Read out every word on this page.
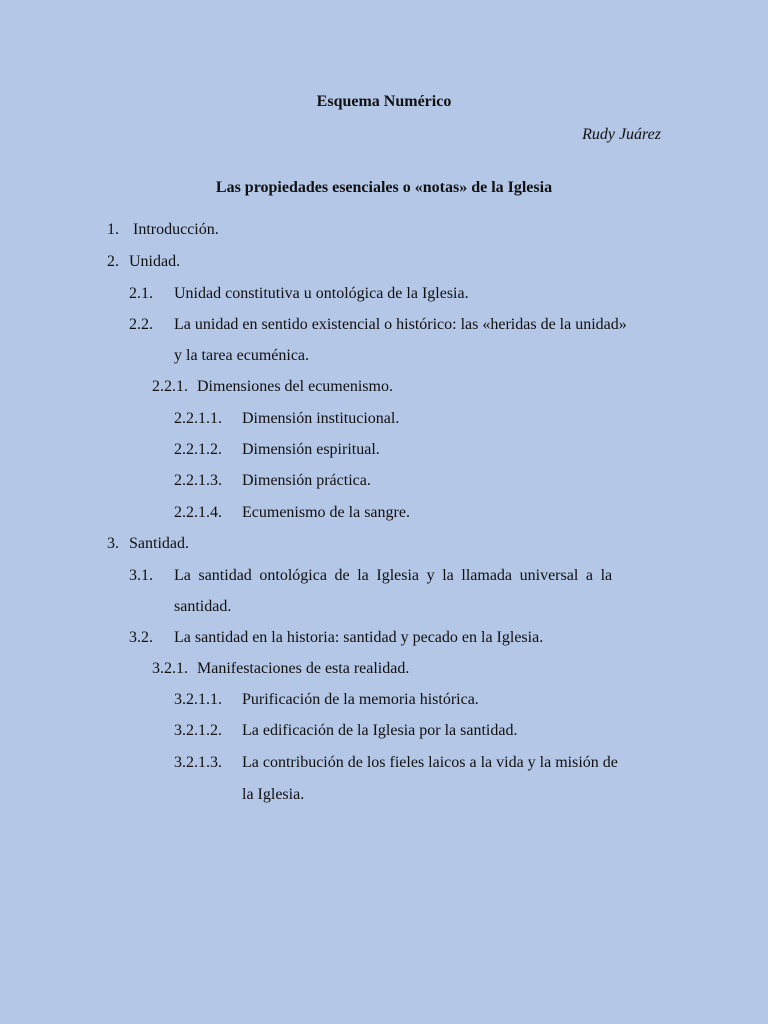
Esquema Numérico
Rudy Juárez
Las propiedades esenciales o «notas» de la Iglesia
1. Introducción.
2. Unidad.
2.1. Unidad constitutiva u ontológica de la Iglesia.
2.2. La unidad en sentido existencial o histórico: las «heridas de la unidad»
y la tarea ecuménica.
2.2.1. Dimensiones del ecumenismo.
2.2.1.1. Dimensión institucional.
2.2.1.2. Dimensión espiritual.
2.2.1.3. Dimensión práctica.
2.2.1.4. Ecumenismo de la sangre.
3. Santidad.
3.1. La santidad ontológica de la Iglesia y la llamada universal a la
santidad.
3.2. La santidad en la historia: santidad y pecado en la Iglesia.
3.2.1. Manifestaciones de esta realidad.
3.2.1.1. Purificación de la memoria histórica.
3.2.1.2. La edificación de la Iglesia por la santidad.
3.2.1.3. La contribución de los fieles laicos a la vida y la misión de
la Iglesia.
